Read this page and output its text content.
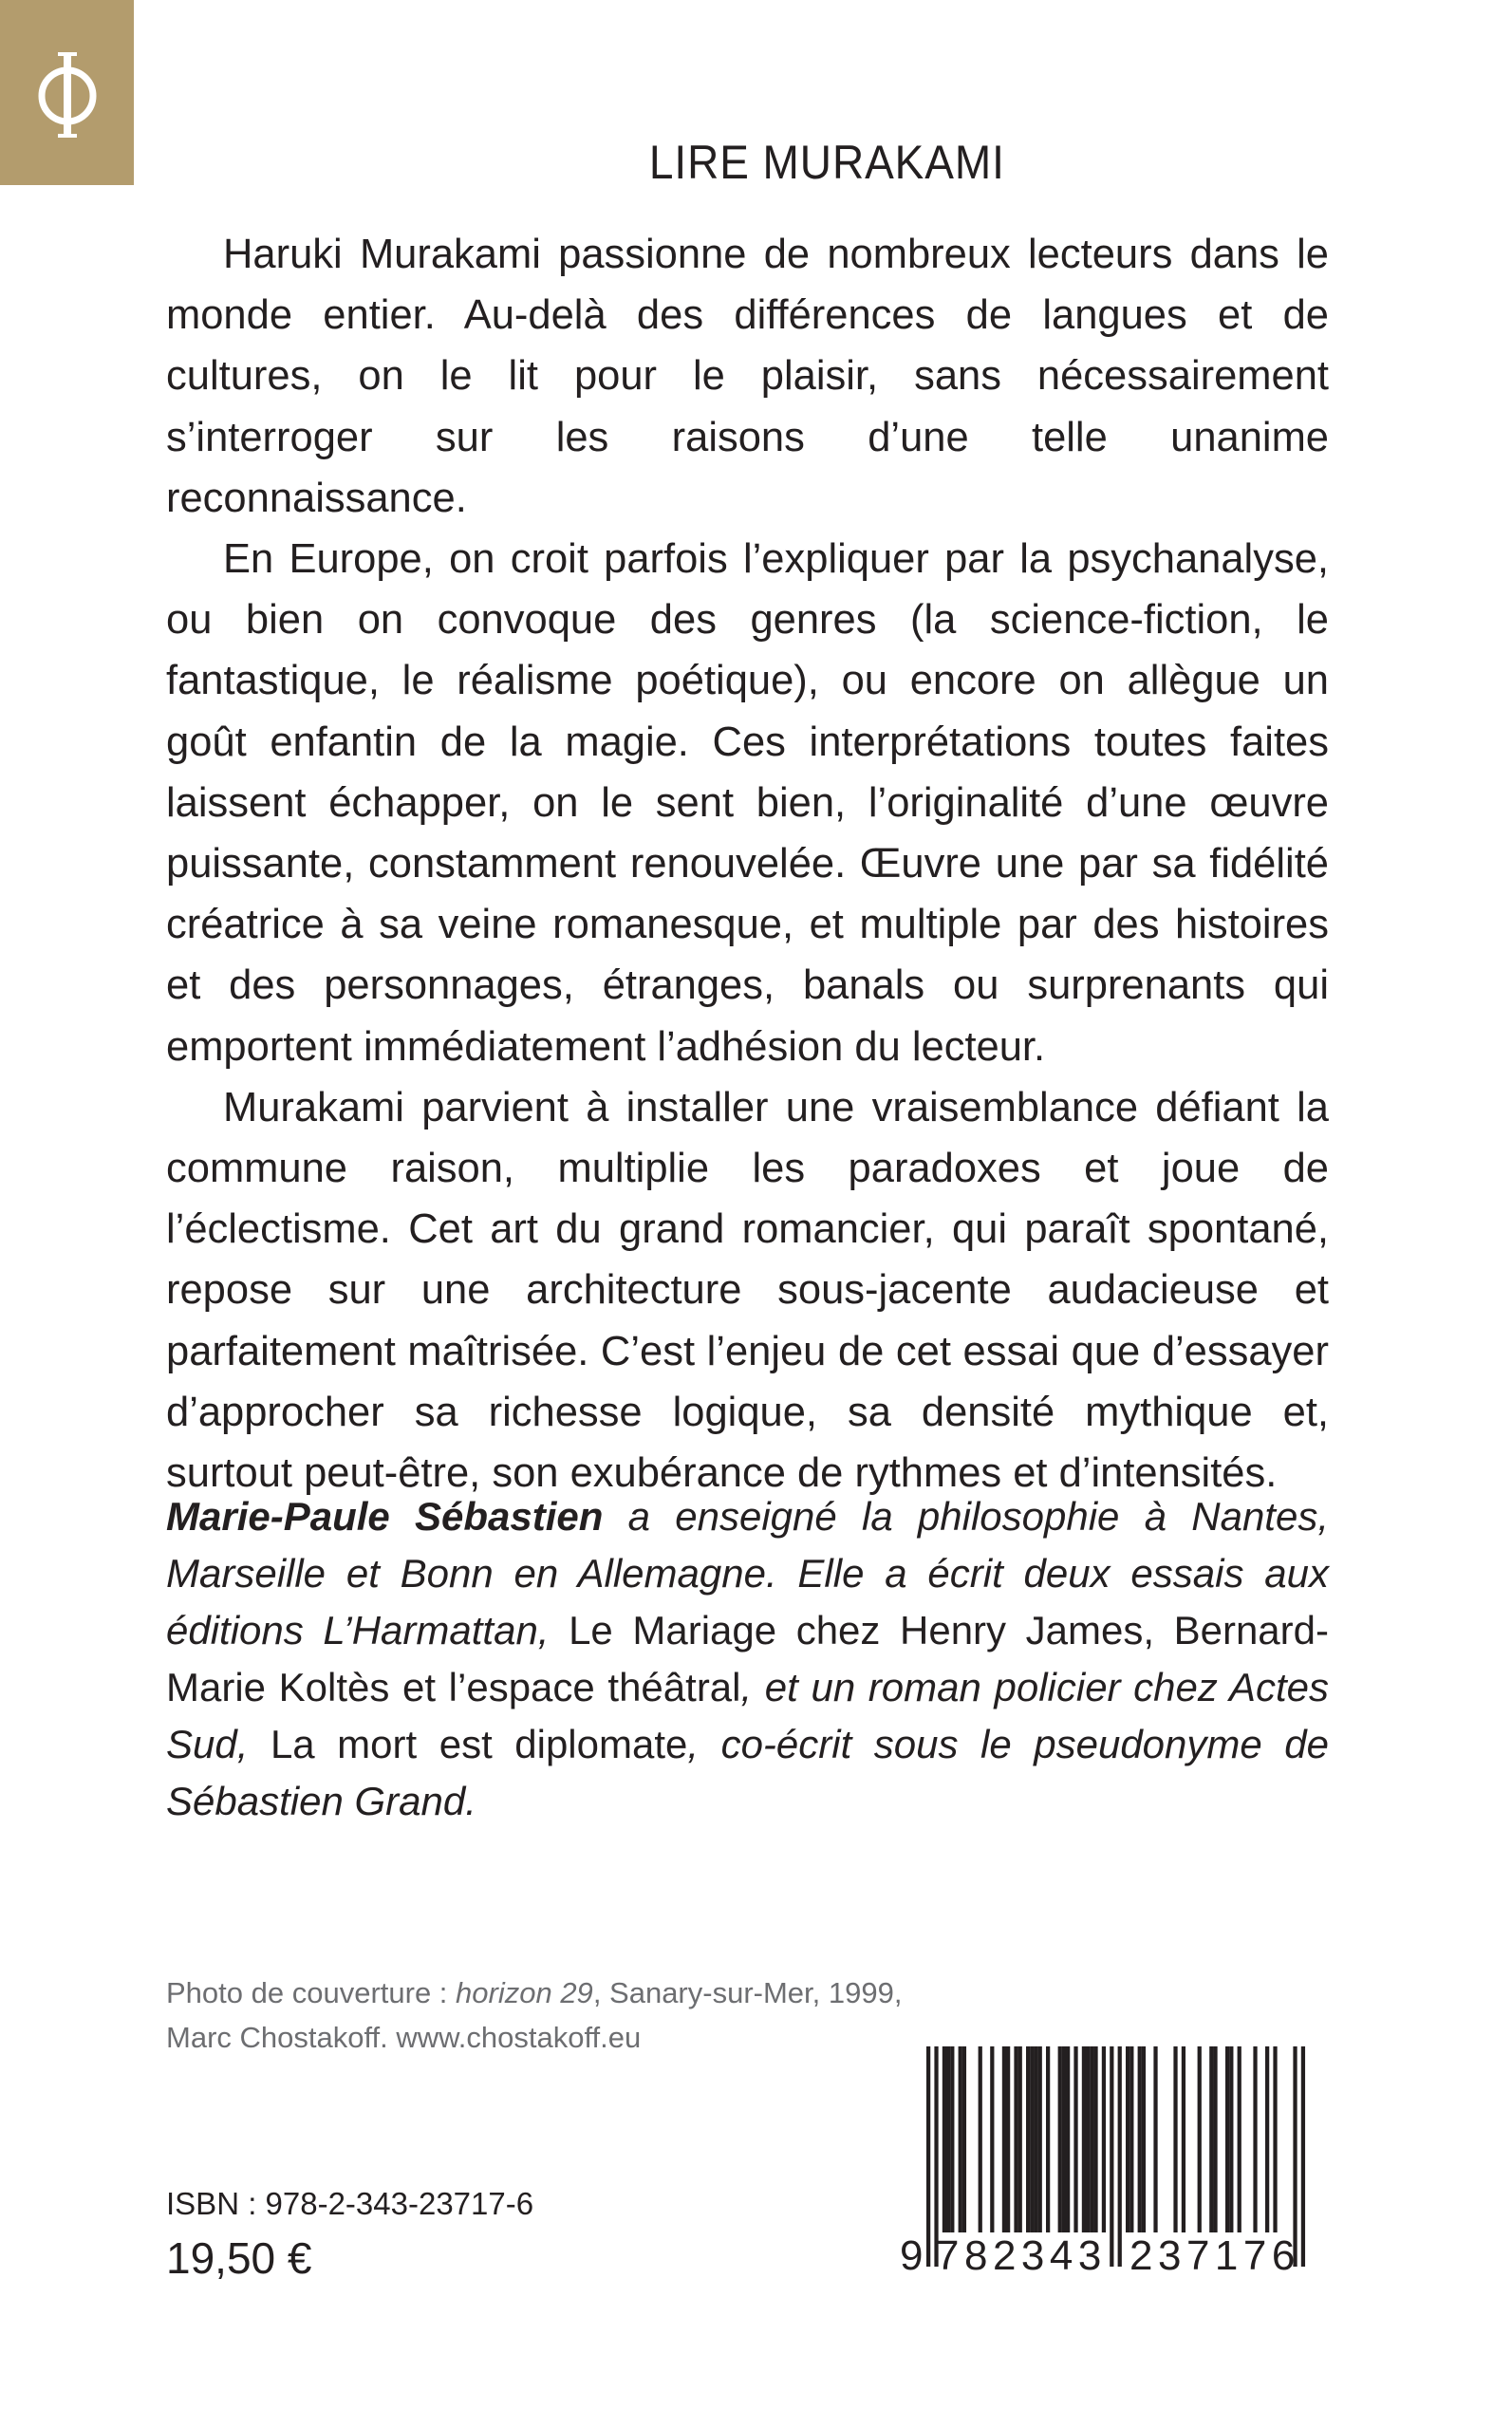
LIRE MURAKAMI

Haruki Murakami passionne de nombreux lecteurs dans le monde entier. Au-delà des différences de langues et de cultures, on le lit pour le plaisir, sans nécessairement s’interroger sur les raisons d’une telle unanime reconnaissance.

En Europe, on croit parfois l’expliquer par la psychanalyse, ou bien on convoque des genres (la science-fiction, le fantastique, le réalisme poétique), ou encore on allègue un goût enfantin de la magie. Ces interprétations toutes faites laissent échapper, on le sent bien, l’originalité d’une œuvre puissante, constamment renouvelée. Œuvre une par sa fidélité créatrice à sa veine romanesque, et multiple par des histoires et des personnages, étranges, banals ou surprenants qui emportent immédiatement l’adhésion du lecteur.

Murakami parvient à installer une vraisemblance défiant la commune raison, multiplie les paradoxes et joue de l’éclectisme. Cet art du grand romancier, qui paraît spontané, repose sur une architecture sous-jacente audacieuse et parfaitement maîtrisée. C’est l’enjeu de cet essai que d’essayer d’approcher sa richesse logique, sa densité mythique et, surtout peut-être, son exubérance de rythmes et d’intensités.

Marie-Paule Sébastien a enseigné la philosophie à Nantes, Marseille et Bonn en Allemagne. Elle a écrit deux essais aux éditions L’Harmattan, Le Mariage chez Henry James, Bernard-Marie Koltès et l’espace théâtral, et un roman policier chez Actes Sud, La mort est diplomate, co-écrit sous le pseudonyme de Sébastien Grand.

Photo de couverture : horizon 29, Sanary-sur-Mer, 1999,
Marc Chostakoff. www.chostakoff.eu
ISBN : 978-2-343-23717-6
19,50 €	9 782343 237176
